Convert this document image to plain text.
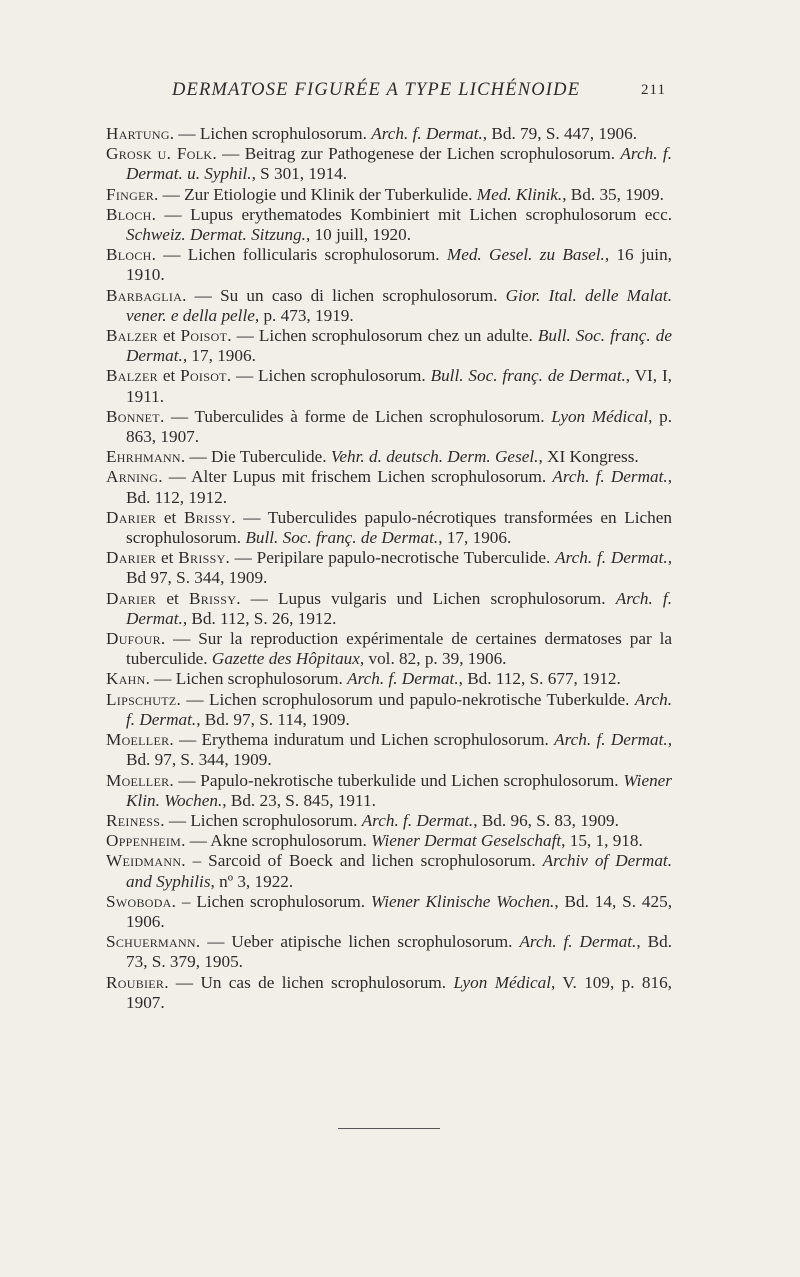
DERMATOSE FIGURÉE A TYPE LICHÉNOIDE	211

Hartung. — Lichen scrophulosorum. Arch. f. Dermat., Bd. 79, S. 447, 1906.

Grosk u. Folk. — Beitrag zur Pathogenese der Lichen scrophulosorum. Arch. f. Dermat. u. Syphil., S 301, 1914.

Finger. — Zur Etiologie und Klinik der Tuberkulide. Med. Klinik., Bd. 35, 1909.

Bloch. — Lupus erythematodes Kombiniert mit Lichen scrophulosorum ecc. Schweiz. Dermat. Sitzung., 10 juill, 1920.

Bloch. — Lichen follicularis scrophulosorum. Med. Gesel. zu Basel., 16 juin, 1910.

Barbaglia. — Su un caso di lichen scrophulosorum. Gior. Ital. delle Malat. vener. e della pelle, p. 473, 1919.

Balzer et Poisot. — Lichen scrophulosorum chez un adulte. Bull. Soc. franç. de Dermat., 17, 1906.

Balzer et Poisot. — Lichen scrophulosorum. Bull. Soc. franç. de Dermat., VI, I, 1911.

Bonnet. — Tuberculides à forme de Lichen scrophulosorum. Lyon Médical, p. 863, 1907.

Ehrhmann. — Die Tuberculide. Vehr. d. deutsch. Derm. Gesel., XI Kongress.

Arning. — Alter Lupus mit frischem Lichen scrophulosorum. Arch. f. Dermat., Bd. 112, 1912.

Darier et Brissy. — Tuberculides papulo-nécrotiques transformées en Lichen scrophulosorum. Bull. Soc. franç. de Dermat., 17, 1906.

Darier et Brissy. — Peripilare papulo-necrotische Tuberculide. Arch. f. Dermat., Bd 97, S. 344, 1909.

Darier et Brissy. — Lupus vulgaris und Lichen scrophulosorum. Arch. f. Dermat., Bd. 112, S. 26, 1912.

Dufour. — Sur la reproduction expérimentale de certaines dermatoses par la tuberculide. Gazette des Hôpitaux, vol. 82, p. 39, 1906.

Kahn. — Lichen scrophulosorum. Arch. f. Dermat., Bd. 112, S. 677, 1912.

Lipschutz. — Lichen scrophulosorum und papulo-nekrotische Tuberkulde. Arch. f. Dermat., Bd. 97, S. 114, 1909.

Moeller. — Erythema induratum und Lichen scrophulosorum. Arch. f. Dermat., Bd. 97, S. 344, 1909.

Moeller. — Papulo-nekrotische tuberkulide und Lichen scrophulosorum. Wiener Klin. Wochen., Bd. 23, S. 845, 1911.

Reiness. — Lichen scrophulosorum. Arch. f. Dermat., Bd. 96, S. 83, 1909.

Oppenheim. — Akne scrophulosorum. Wiener Dermat Geselschaft, 15, 1, 918.

Weidmann. – Sarcoid of Boeck and lichen scrophulosorum. Archiv of Dermat. and Syphilis, nº 3, 1922.

Swoboda. – Lichen scrophulosorum. Wiener Klinische Wochen., Bd. 14, S. 425, 1906.

Schuermann. — Ueber atipische lichen scrophulosorum. Arch. f. Dermat., Bd. 73, S. 379, 1905.

Roubier. — Un cas de lichen scrophulosorum. Lyon Médical, V. 109, p. 816, 1907.
